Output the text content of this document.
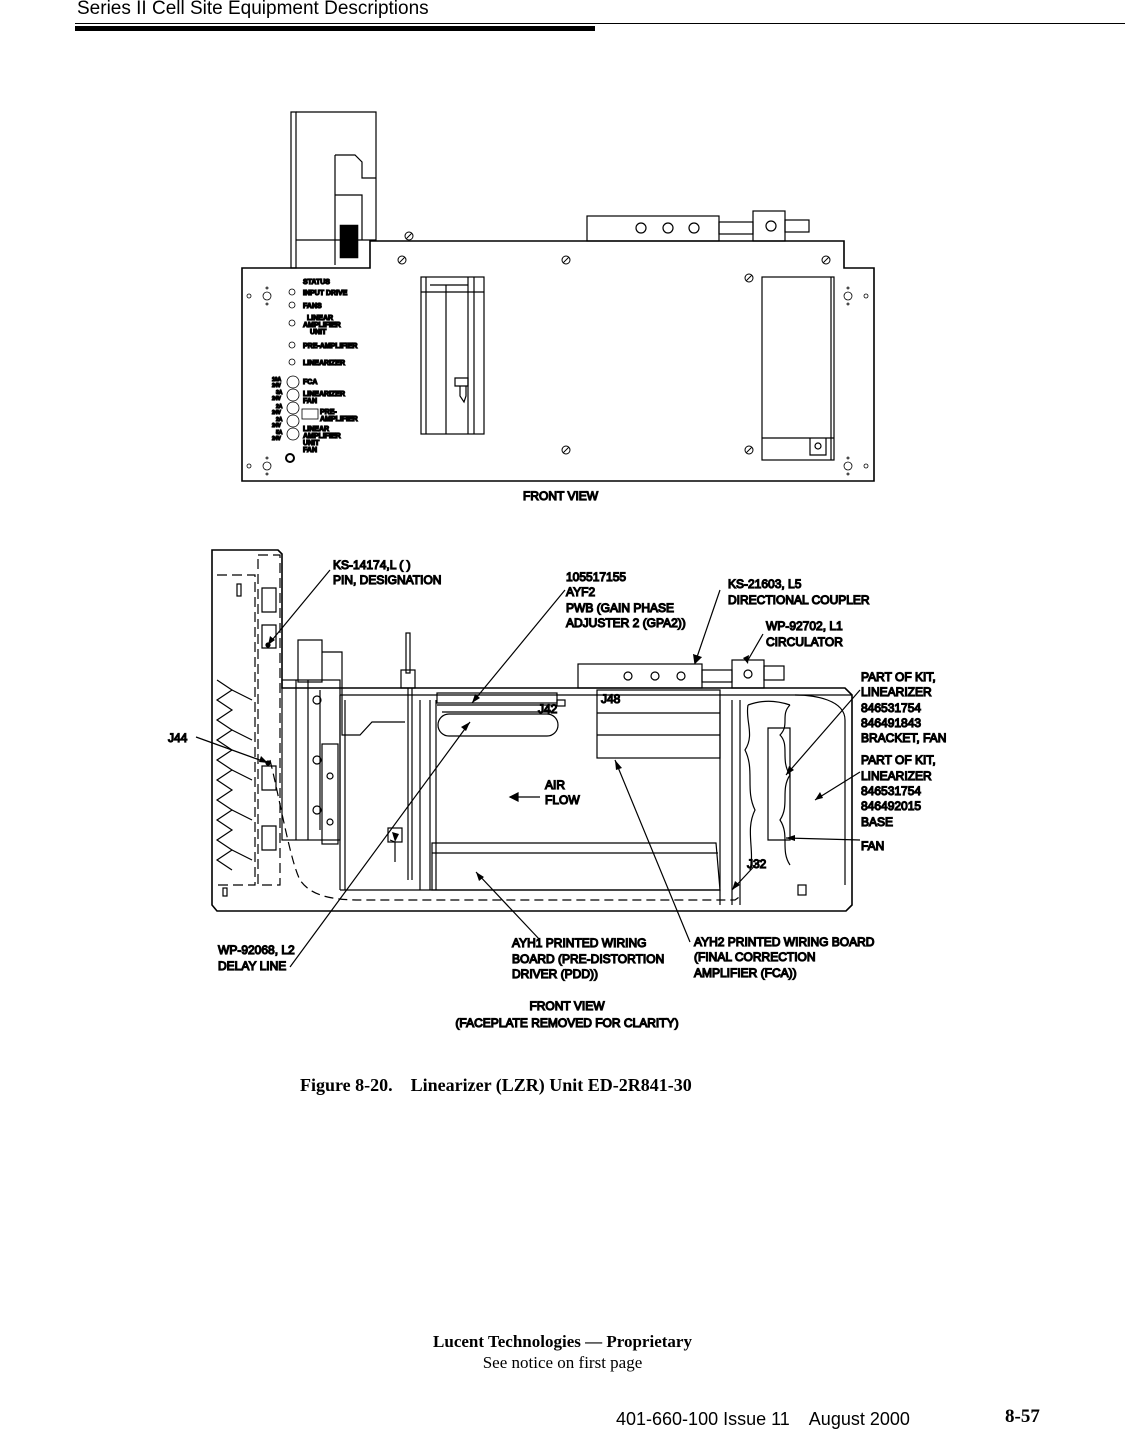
Series II Cell Site Equipment Descriptions
STATUS
INPUT DRIVE
FANS
LINEAR
AMPLIFIER
UNIT
PRE-AMPLIFIER
LINEARIZER
FCA
LINEARIZER
FAN
PRE-
AMPLIFIER
LINEAR
AMPLIFIER
UNIT
FAN
10A
24V
3A
24V
2A
24V
2A
24V
5A
24V
FRONT VIEW
KS-14174,L ( )
PIN, DESIGNATION	105517155
AYF2
PWB (GAIN PHASE
ADJUSTER 2 (GPA2))
KS-21603, L5
DIRECTIONAL COUPLER
WP-92702, L1
CIRCULATOR
PART OF KIT,
LINEARIZER
846531754
846491843
BRACKET, FAN
PART OF KIT,
LINEARIZER
846531754
846492015
BASE
FAN
J44
J42
J48
J32
AIR
FLOW
WP-92068, L2
DELAY LINE
AYH1 PRINTED WIRING
BOARD (PRE-DISTORTION
DRIVER (PDD))
AYH2 PRINTED WIRING BOARD
(FINAL CORRECTION
AMPLIFIER (FCA))
FRONT VIEW
(FACEPLATE REMOVED FOR CLARITY)
Figure 8-20.    Linearizer (LZR) Unit ED-2R841-30
Lucent Technologies — Proprietary
See notice on first page
401-660-100 Issue 11    August 2000	8-57
